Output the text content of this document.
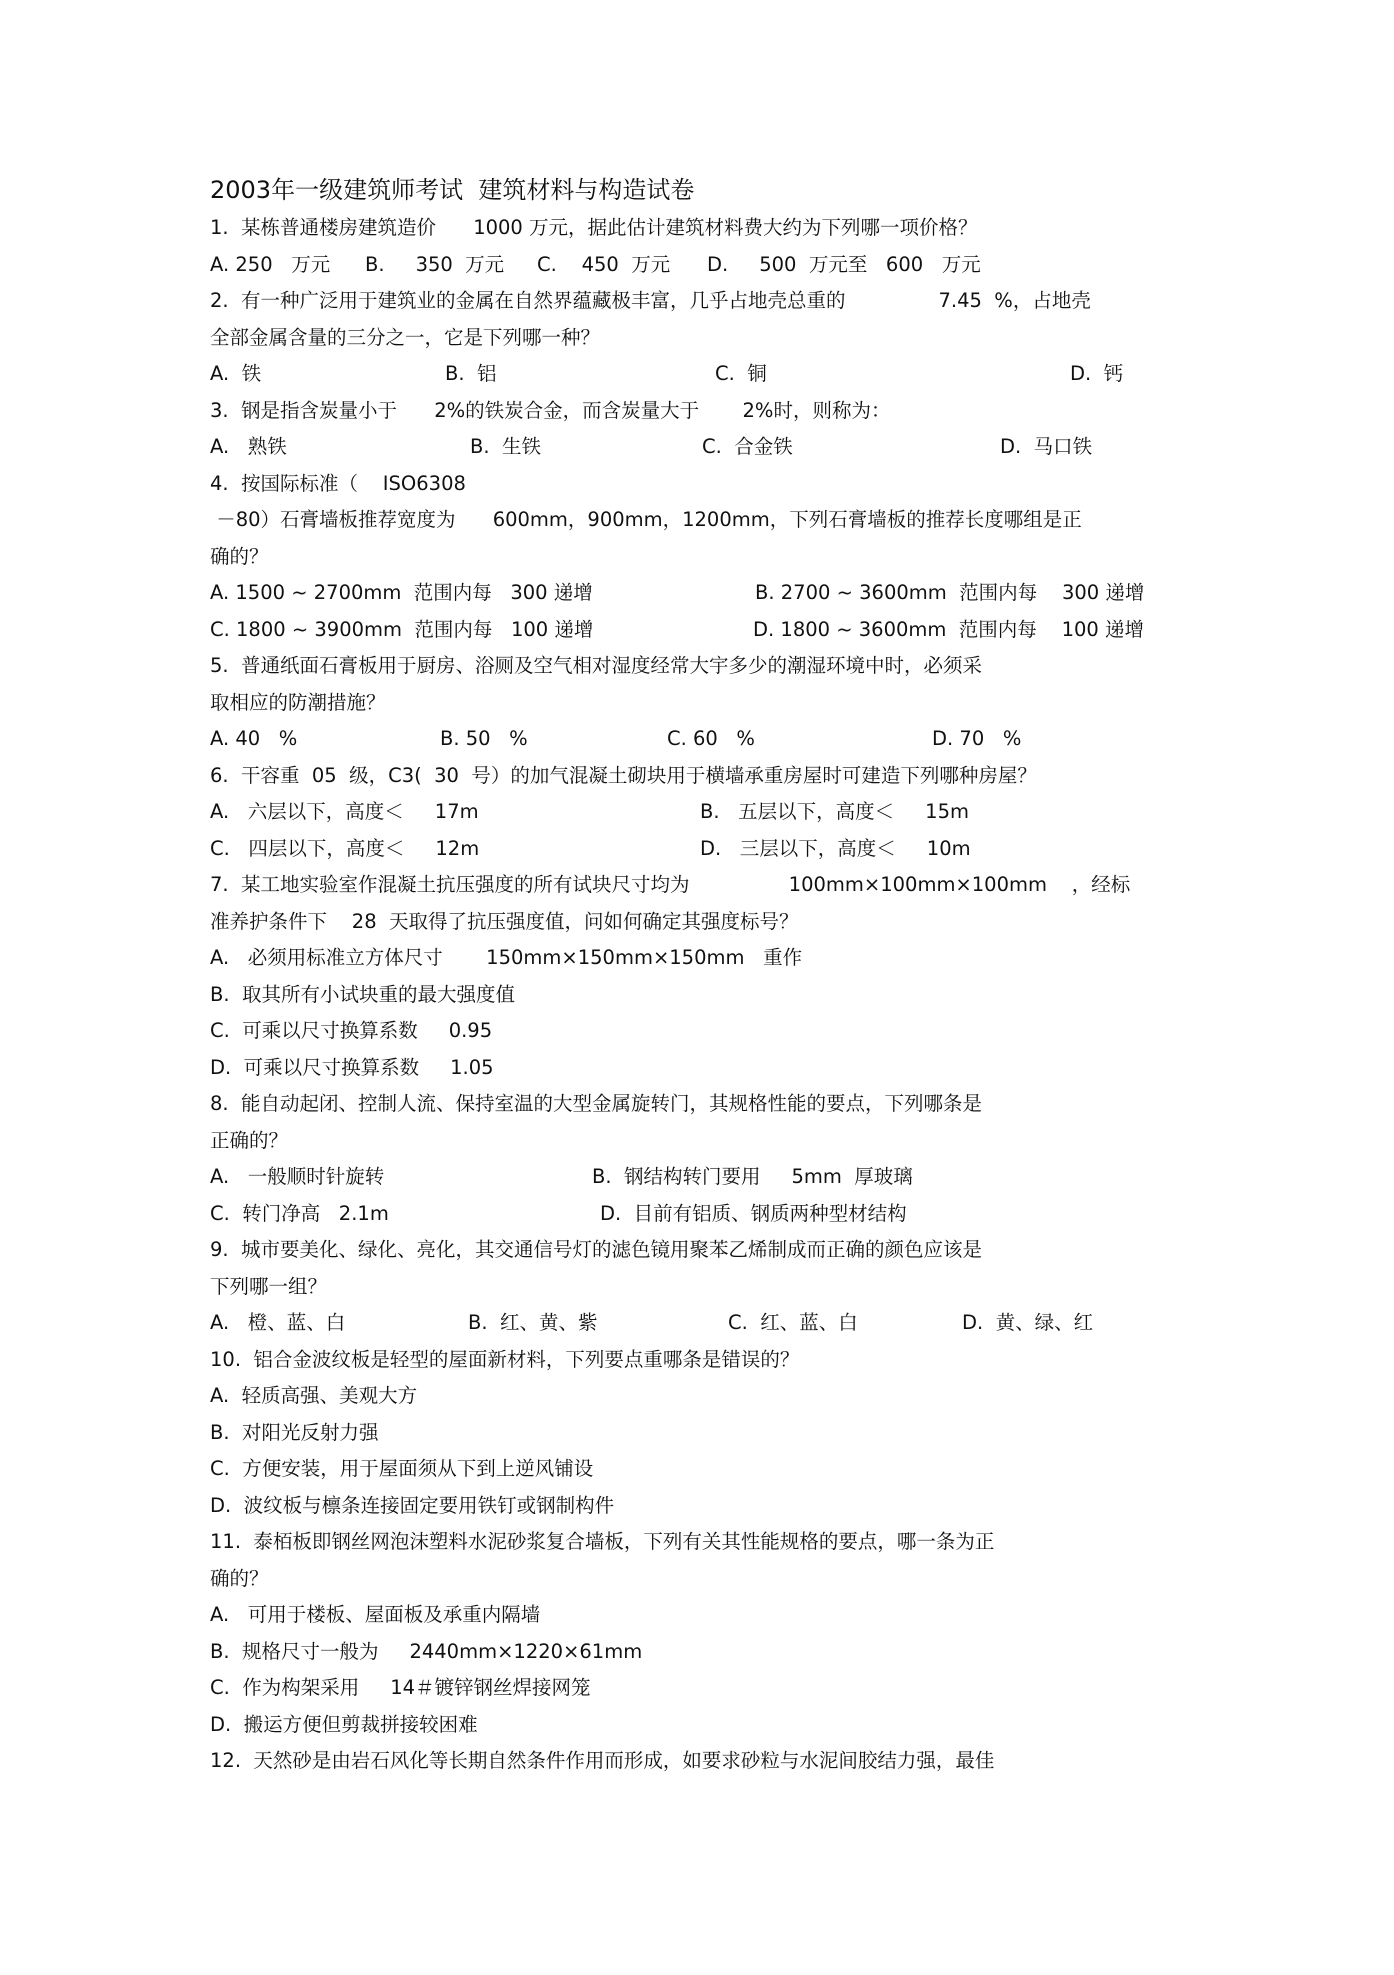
2003年一级建筑师考试  建筑材料与构造试卷
1.  某栋普通楼房建筑造价      1000 万元，据此估计建筑材料费大约为下列哪一项价格？

A. 250   万元

B.     350  万元

C.    450  万元

D.     500  万元至   600   万元

2.  有一种广泛用于建筑业的金属在自然界蕴藏极丰富，几乎占地壳总重的               7.45  %，占地壳
全部金属含量的三分之一，它是下列哪一种？

A.  铁

	B.  铝

	C.  铜

	D.  钙

3.  钢是指含炭量小于      2%的铁炭合金，而含炭量大于       2%时，则称为：

A.   熟铁

	B.  生铁

	C.  合金铁

	D.  马口铁

4.  按国际标准（    ISO6308
－80）石膏墙板推荐宽度为      600mm，900mm，1200mm，下列石膏墙板的推荐长度哪组是正
确的？

A. 1500 ~ 2700mm  范围内每   300 递增

	B. 2700 ~ 3600mm  范围内每    300 递增

C. 1800 ~ 3900mm  范围内每   100 递增

	D. 1800 ~ 3600mm  范围内每    100 递增

5.  普通纸面石膏板用于厨房、浴厕及空气相对湿度经常大宇多少的潮湿环境中时，必须采
取相应的防潮措施？

A. 40   %

	B. 50   %

	C. 60   %

	D. 70   %

6.  干容重  05  级，C3(  30  号）的加气混凝土砌块用于横墙承重房屋时可建造下列哪种房屋？

A.   六层以下，高度＜     17m

	B.   五层以下，高度＜     15m

C.   四层以下，高度＜     12m

	D.   三层以下，高度＜     10m

7.  某工地实验室作混凝土抗压强度的所有试块尺寸均为                100mm×100mm×100mm    ，经标
准养护条件下    28  天取得了抗压强度值，问如何确定其强度标号？
A.   必须用标准立方体尺寸       150mm×150mm×150mm   重作
B.  取其所有小试块重的最大强度值
C.  可乘以尺寸换算系数     0.95
D.  可乘以尺寸换算系数     1.05
8.  能自动起闭、控制人流、保持室温的大型金属旋转门，其规格性能的要点，下列哪条是
正确的？

A.   一般顺时针旋转

	B.  钢结构转门要用     5mm  厚玻璃

C.  转门净高   2.1m

	D.  目前有铝质、钢质两种型材结构

9.  城市要美化、绿化、亮化，其交通信号灯的滤色镜用聚苯乙烯制成而正确的颜色应该是
下列哪一组？

A.   橙、蓝、白

	B.  红、黄、紫

	C.  红、蓝、白

	D.  黄、绿、红

10.  铝合金波纹板是轻型的屋面新材料，下列要点重哪条是错误的？
A.  轻质高强、美观大方
B.  对阳光反射力强
C.  方便安装，用于屋面须从下到上逆风铺设
D.  波纹板与檩条连接固定要用铁钉或钢制构件
11.  泰栢板即钢丝网泡沫塑料水泥砂浆复合墙板，下列有关其性能规格的要点，哪一条为正
确的？
A.   可用于楼板、屋面板及承重内隔墙
B.  规格尺寸一般为     2440mm×1220×61mm
C.  作为构架采用     14＃镀锌钢丝焊接网笼
D.  搬运方便但剪裁拼接较困难
12.  天然砂是由岩石风化等长期自然条件作用而形成，如要求砂粒与水泥间胶结力强，最佳
